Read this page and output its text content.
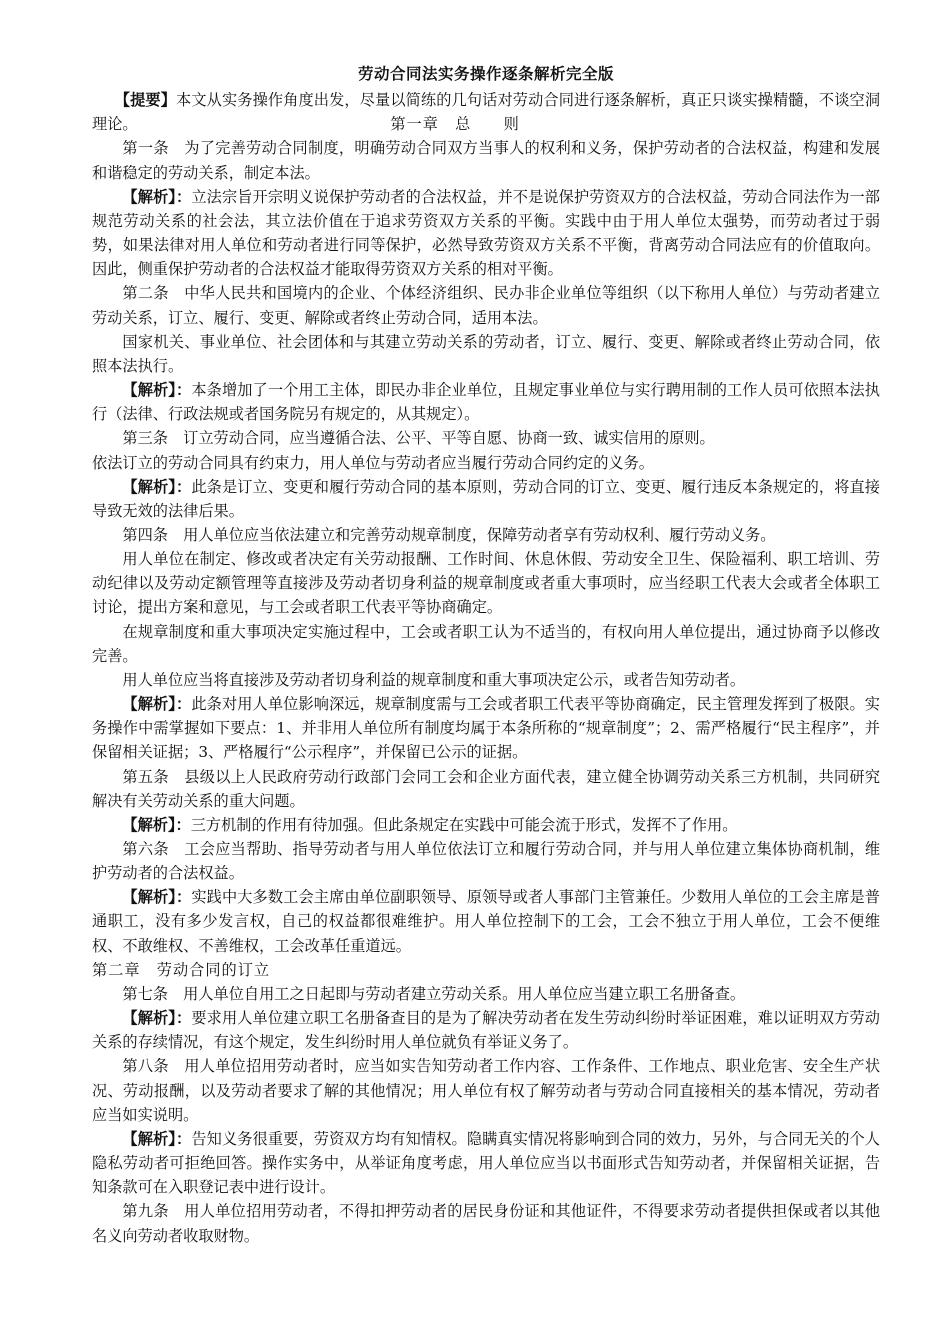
劳动合同法实务操作逐条解析完全版

【提要】本文从实务操作角度出发，尽量以简练的几句话对劳动合同进行逐条解析，真正只谈实操精髓，不谈空洞理论。	第一章　总　　则

第一条　为了完善劳动合同制度，明确劳动合同双方当事人的权利和义务，保护劳动者的合法权益，构建和发展和谐稳定的劳动关系，制定本法。

【解析】：立法宗旨开宗明义说保护劳动者的合法权益，并不是说保护劳资双方的合法权益，劳动合同法作为一部规范劳动关系的社会法，其立法价值在于追求劳资双方关系的平衡。实践中由于用人单位太强势，而劳动者过于弱势，如果法律对用人单位和劳动者进行同等保护，必然导致劳资双方关系不平衡，背离劳动合同法应有的价值取向。因此，侧重保护劳动者的合法权益才能取得劳资双方关系的相对平衡。

第二条　中华人民共和国境内的企业、个体经济组织、民办非企业单位等组织（以下称用人单位）与劳动者建立劳动关系，订立、履行、变更、解除或者终止劳动合同，适用本法。

国家机关、事业单位、社会团体和与其建立劳动关系的劳动者，订立、履行、变更、解除或者终止劳动合同，依照本法执行。

【解析】：本条增加了一个用工主体，即民办非企业单位，且规定事业单位与实行聘用制的工作人员可依照本法执行（法律、行政法规或者国务院另有规定的，从其规定）。

第三条　订立劳动合同，应当遵循合法、公平、平等自愿、协商一致、诚实信用的原则。

依法订立的劳动合同具有约束力，用人单位与劳动者应当履行劳动合同约定的义务。

【解析】：此条是订立、变更和履行劳动合同的基本原则，劳动合同的订立、变更、履行违反本条规定的，将直接导致无效的法律后果。

第四条　用人单位应当依法建立和完善劳动规章制度，保障劳动者享有劳动权利、履行劳动义务。

用人单位在制定、修改或者决定有关劳动报酬、工作时间、休息休假、劳动安全卫生、保险福利、职工培训、劳动纪律以及劳动定额管理等直接涉及劳动者切身利益的规章制度或者重大事项时，应当经职工代表大会或者全体职工讨论，提出方案和意见，与工会或者职工代表平等协商确定。

在规章制度和重大事项决定实施过程中，工会或者职工认为不适当的，有权向用人单位提出，通过协商予以修改完善。

用人单位应当将直接涉及劳动者切身利益的规章制度和重大事项决定公示，或者告知劳动者。

【解析】：此条对用人单位影响深远，规章制度需与工会或者职工代表平等协商确定，民主管理发挥到了极限。实务操作中需掌握如下要点：1、并非用人单位所有制度均属于本条所称的“规章制度”；2、需严格履行“民主程序”，并保留相关证据；3、严格履行“公示程序”，并保留已公示的证据。

第五条　县级以上人民政府劳动行政部门会同工会和企业方面代表，建立健全协调劳动关系三方机制，共同研究解决有关劳动关系的重大问题。

【解析】：三方机制的作用有待加强。但此条规定在实践中可能会流于形式，发挥不了作用。

第六条　工会应当帮助、指导劳动者与用人单位依法订立和履行劳动合同，并与用人单位建立集体协商机制，维护劳动者的合法权益。

【解析】：实践中大多数工会主席由单位副职领导、原领导或者人事部门主管兼任。少数用人单位的工会主席是普通职工，没有多少发言权，自己的权益都很难维护。用人单位控制下的工会，工会不独立于用人单位，工会不便维权、不敢维权、不善维权，工会改革任重道远。

第二章　劳动合同的订立

第七条　用人单位自用工之日起即与劳动者建立劳动关系。用人单位应当建立职工名册备查。

【解析】：要求用人单位建立职工名册备查目的是为了解决劳动者在发生劳动纠纷时举证困难，难以证明双方劳动关系的存续情况，有这个规定，发生纠纷时用人单位就负有举证义务了。

第八条　用人单位招用劳动者时，应当如实告知劳动者工作内容、工作条件、工作地点、职业危害、安全生产状况、劳动报酬，以及劳动者要求了解的其他情况；用人单位有权了解劳动者与劳动合同直接相关的基本情况，劳动者应当如实说明。

【解析】：告知义务很重要，劳资双方均有知情权。隐瞒真实情况将影响到合同的效力，另外，与合同无关的个人隐私劳动者可拒绝回答。操作实务中，从举证角度考虑，用人单位应当以书面形式告知劳动者，并保留相关证据，告知条款可在入职登记表中进行设计。

第九条　用人单位招用劳动者，不得扣押劳动者的居民身份证和其他证件，不得要求劳动者提供担保或者以其他名义向劳动者收取财物。
